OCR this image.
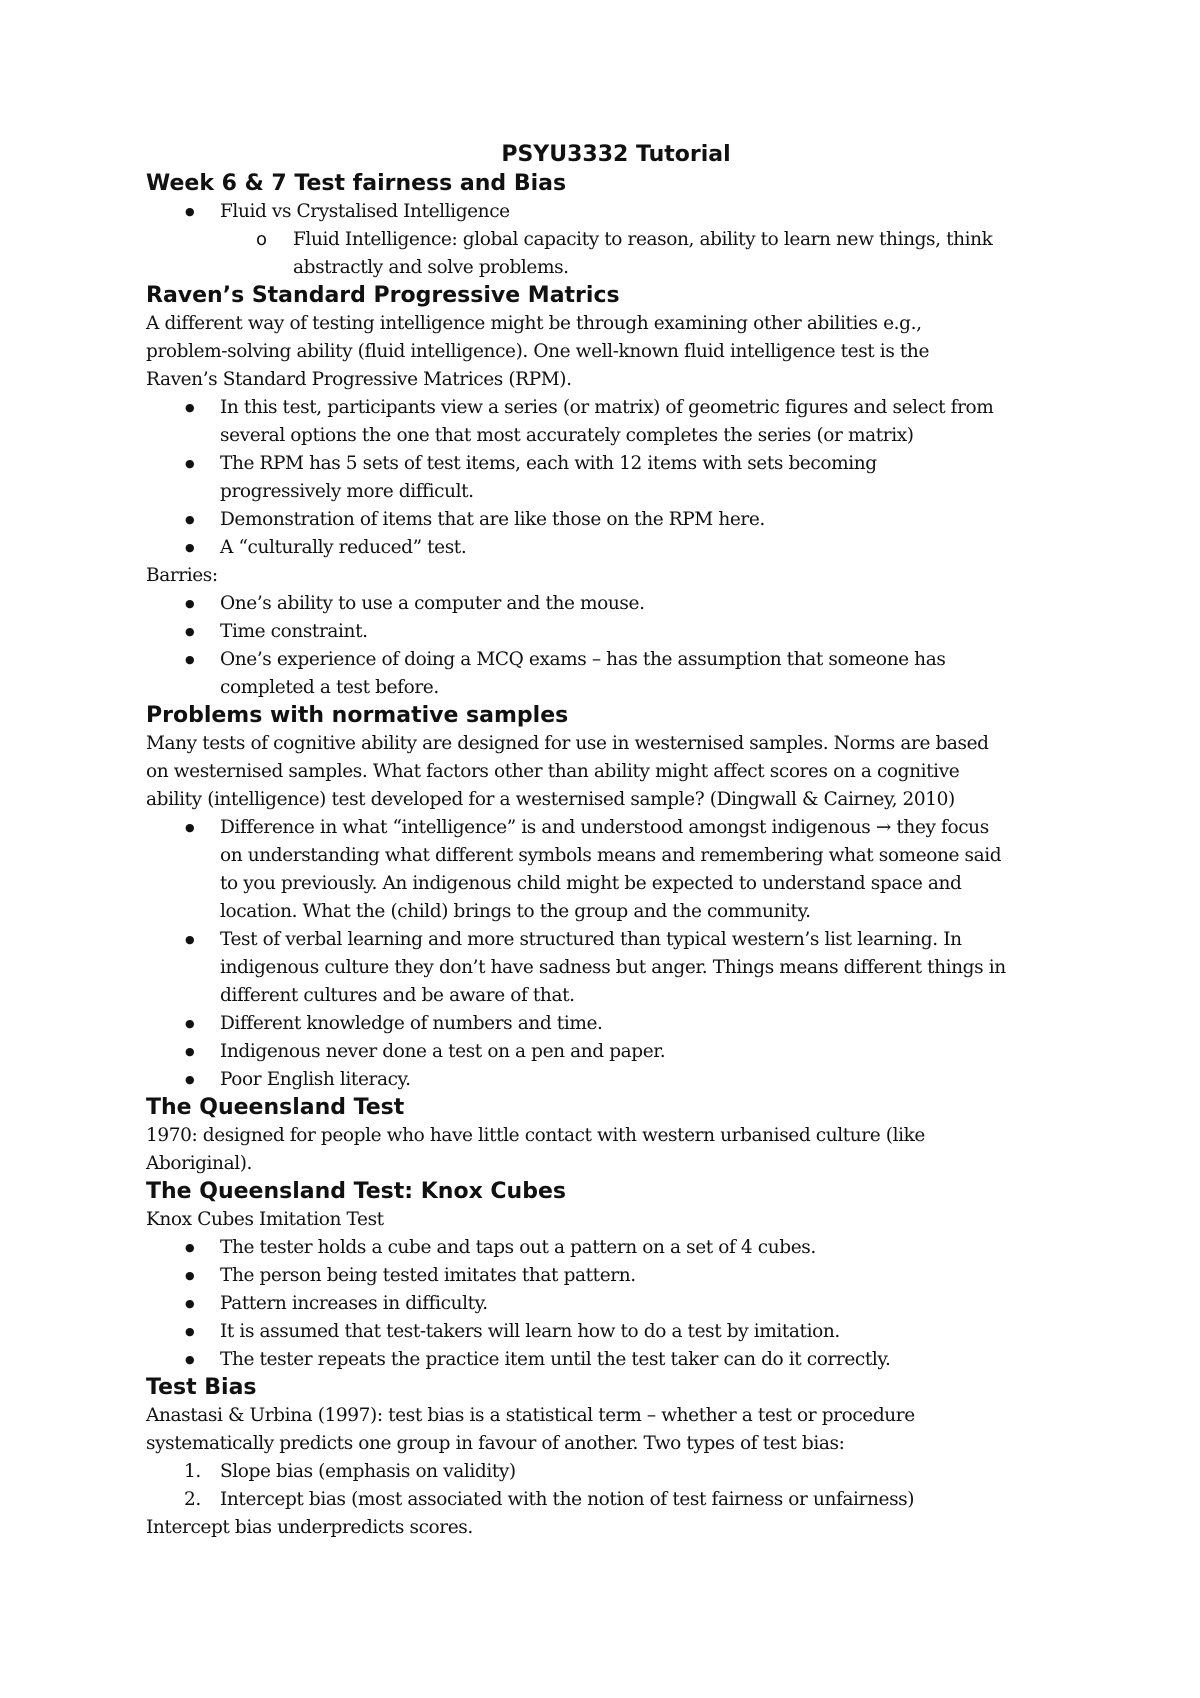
PSYU3332 Tutorial
Week 6 & 7 Test fairness and Bias
● Fluid vs Crystalised Intelligence
o Fluid Intelligence: global capacity to reason, ability to learn new things, think
abstractly and solve problems.
Raven’s Standard Progressive Matrics

A different way of testing intelligence might be through examining other abilities e.g.,
problem-solving ability (fluid intelligence). One well-known fluid intelligence test is the
Raven’s Standard Progressive Matrices (RPM).

● In this test, participants view a series (or matrix) of geometric figures and select from
several options the one that most accurately completes the series (or matrix)
● The RPM has 5 sets of test items, each with 12 items with sets becoming
progressively more difficult.
● Demonstration of items that are like those on the RPM here.
● A “culturally reduced” test.

Barries:

● One’s ability to use a computer and the mouse.
● Time constraint.
● One’s experience of doing a MCQ exams – has the assumption that someone has
completed a test before.
Problems with normative samples

Many tests of cognitive ability are designed for use in westernised samples. Norms are based
on westernised samples. What factors other than ability might affect scores on a cognitive
ability (intelligence) test developed for a westernised sample? (Dingwall & Cairney, 2010)

● Difference in what “intelligence” is and understood amongst indigenous → they focus
on understanding what different symbols means and remembering what someone said
to you previously. An indigenous child might be expected to understand space and
location. What the (child) brings to the group and the community.
● Test of verbal learning and more structured than typical western’s list learning. In
indigenous culture they don’t have sadness but anger. Things means different things in
different cultures and be aware of that.
● Different knowledge of numbers and time.
● Indigenous never done a test on a pen and paper.
● Poor English literacy.
The Queensland Test

1970: designed for people who have little contact with western urbanised culture (like
Aboriginal).

The Queensland Test: Knox Cubes

Knox Cubes Imitation Test

● The tester holds a cube and taps out a pattern on a set of 4 cubes.
● The person being tested imitates that pattern.
● Pattern increases in difficulty.
● It is assumed that test-takers will learn how to do a test by imitation.
● The tester repeats the practice item until the test taker can do it correctly.
Test Bias

Anastasi & Urbina (1997): test bias is a statistical term – whether a test or procedure
systematically predicts one group in favour of another. Two types of test bias:

1. Slope bias (emphasis on validity)
2. Intercept bias (most associated with the notion of test fairness or unfairness)

Intercept bias underpredicts scores.
